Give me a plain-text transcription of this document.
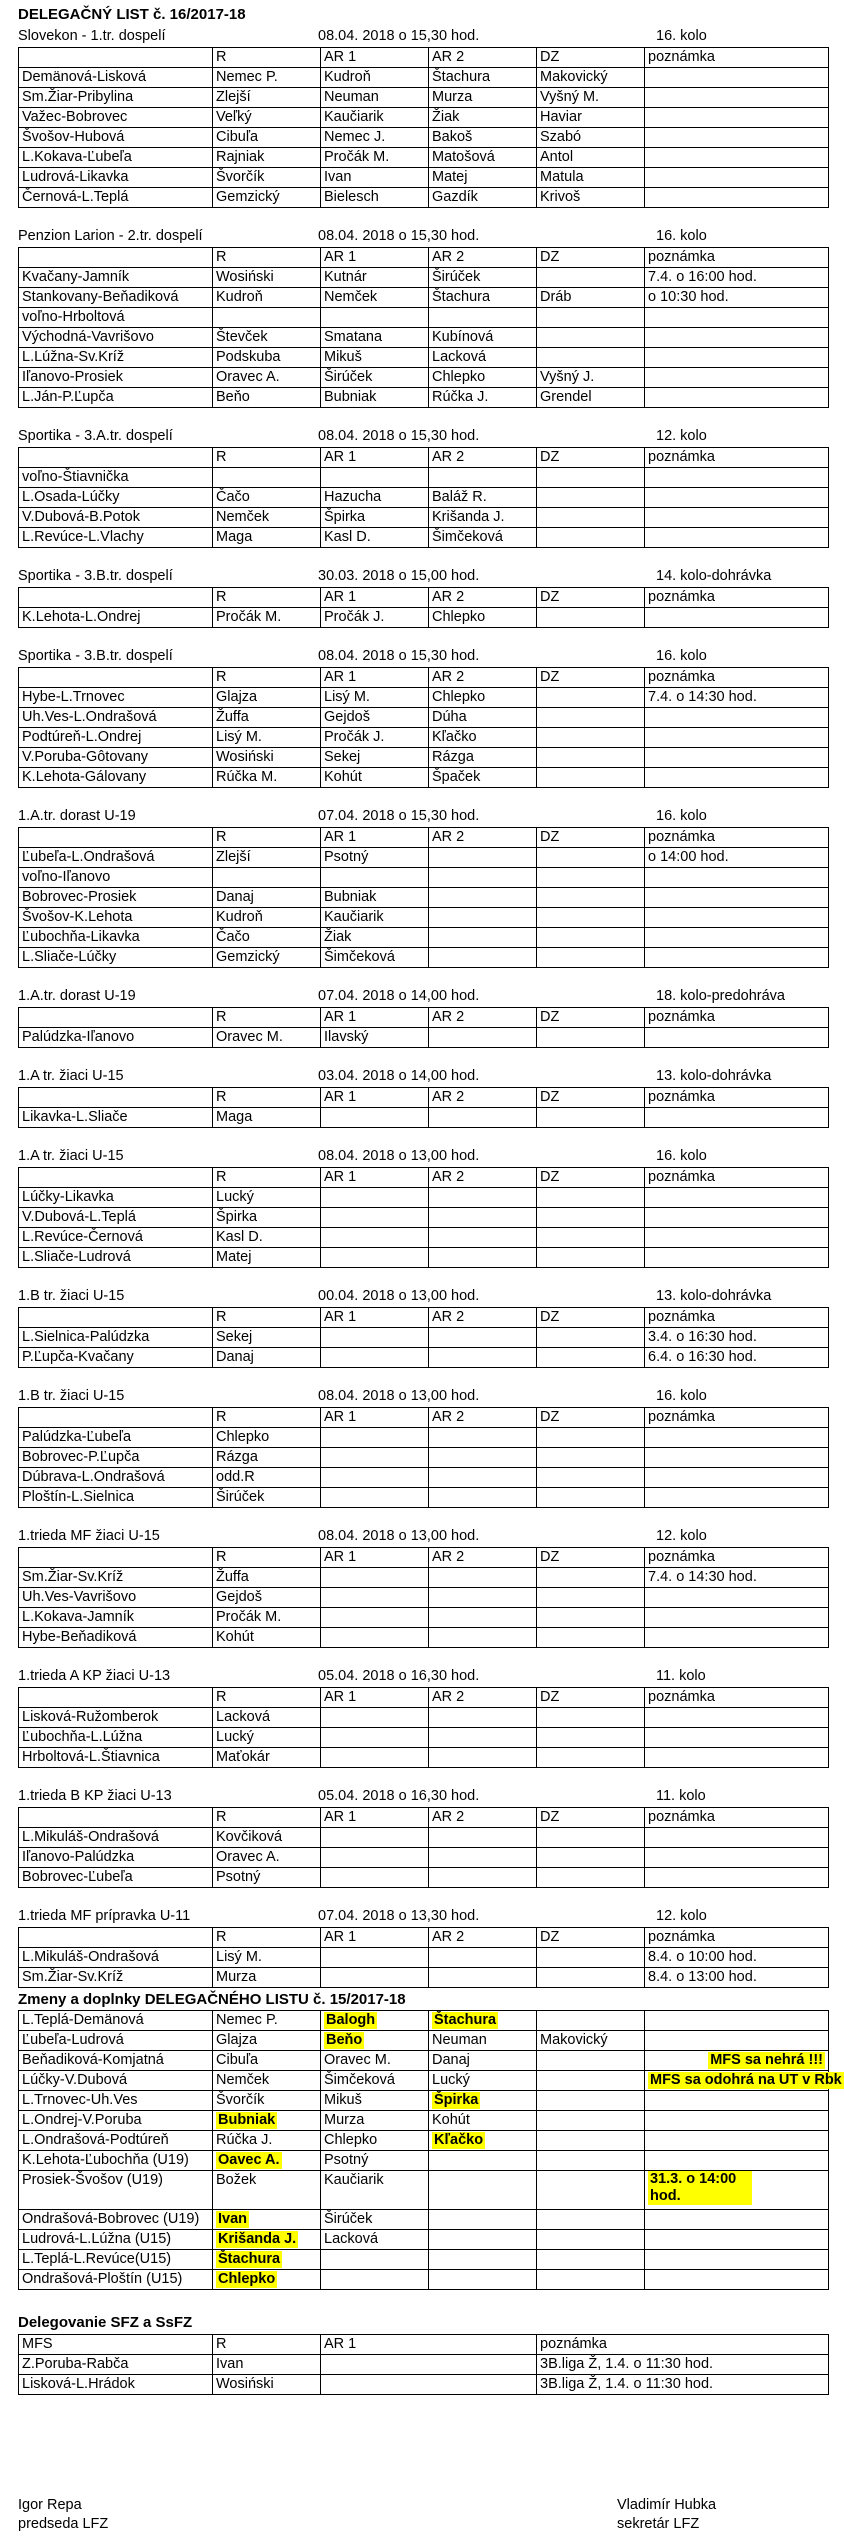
DELEGAČNÝ LIST č. 16/2017-18
Slovekon - 1.tr. dospelí	08.04. 2018 o 15,30 hod.	16. kolo
	R	AR 1	AR 2	DZ	poznámka
Demänová-Lisková	Nemec P.	Kudroň	Štachura	Makovický	
Sm.Žiar-Pribylina	Zlejší	Neuman	Murza	Vyšný M.	
Važec-Bobrovec	Veľký	Kaučiarik	Žiak	Haviar	
Švošov-Hubová	Cibuľa	Nemec J.	Bakoš	Szabó	
L.Kokava-Ľubeľa	Rajniak	Pročák M.	Matošová	Antol	
Ludrová-Likavka	Švorčík	Ivan	Matej	Matula	
Černová-L.Teplá	Gemzický	Bielesch	Gazdík	Krivoš	
Penzion Larion - 2.tr. dospelí	08.04. 2018 o 15,30 hod.	16. kolo
	R	AR 1	AR 2	DZ	poznámka
Kvačany-Jamník	Wosiński	Kutnár	Širúček		7.4. o 16:00 hod.
Stankovany-Beňadiková	Kudroň	Nemček	Štachura	Dráb	o 10:30 hod.
voľno-Hrboltová					
Východná-Vavrišovo	Števček	Smatana	Kubínová		
L.Lúžna-Sv.Kríž	Podskuba	Mikuš	Lacková		
Iľanovo-Prosiek	Oravec A.	Širúček	Chlepko	Vyšný J.	
L.Ján-P.Ľupča	Beňo	Bubniak	Rúčka J.	Grendel	
Sportika - 3.A.tr. dospelí	08.04. 2018 o 15,30 hod.	12. kolo
	R	AR 1	AR 2	DZ	poznámka
voľno-Štiavnička					
L.Osada-Lúčky	Čačo	Hazucha	Baláž R.		
V.Dubová-B.Potok	Nemček	Špirka	Krišanda J.		
L.Revúce-L.Vlachy	Maga	Kasl D.	Šimčeková		
Sportika - 3.B.tr. dospelí	30.03. 2018 o 15,00 hod.	14. kolo-dohrávka
	R	AR 1	AR 2	DZ	poznámka
K.Lehota-L.Ondrej	Pročák M.	Pročák J.	Chlepko		
Sportika - 3.B.tr. dospelí	08.04. 2018 o 15,30 hod.	16. kolo
	R	AR 1	AR 2	DZ	poznámka
Hybe-L.Trnovec	Glajza	Lisý M.	Chlepko		7.4. o 14:30 hod.
Uh.Ves-L.Ondrašová	Žuffa	Gejdoš	Dúha		
Podtúreň-L.Ondrej	Lisý M.	Pročák J.	Kľačko		
V.Poruba-Gôtovany	Wosiński	Sekej	Rázga		
K.Lehota-Gálovany	Rúčka M.	Kohút	Špaček		
1.A.tr. dorast U-19	07.04. 2018 o 15,30 hod.	16. kolo
	R	AR 1	AR 2	DZ	poznámka
Ľubeľa-L.Ondrašová	Zlejší	Psotný			o 14:00 hod.
voľno-Iľanovo					
Bobrovec-Prosiek	Danaj	Bubniak			
Švošov-K.Lehota	Kudroň	Kaučiarik			
Ľubochňa-Likavka	Čačo	Žiak			
L.Sliače-Lúčky	Gemzický	Šimčeková			
1.A.tr. dorast U-19	07.04. 2018 o 14,00 hod.	18. kolo-predohráva
	R	AR 1	AR 2	DZ	poznámka
Palúdzka-Iľanovo	Oravec M.	Ilavský			
1.A tr. žiaci U-15	03.04. 2018 o 14,00 hod.	13. kolo-dohrávka
	R	AR 1	AR 2	DZ	poznámka
Likavka-L.Sliače	Maga				
1.A tr. žiaci U-15	08.04. 2018 o 13,00 hod.	16. kolo
	R	AR 1	AR 2	DZ	poznámka
Lúčky-Likavka	Lucký				
V.Dubová-L.Teplá	Špirka				
L.Revúce-Černová	Kasl D.				
L.Sliače-Ludrová	Matej				
1.B tr. žiaci U-15	00.04. 2018 o 13,00 hod.	13. kolo-dohrávka
	R	AR 1	AR 2	DZ	poznámka
L.Sielnica-Palúdzka	Sekej				3.4. o 16:30 hod.
P.Ľupča-Kvačany	Danaj				6.4. o 16:30 hod.
1.B tr. žiaci U-15	08.04. 2018 o 13,00 hod.	16. kolo
	R	AR 1	AR 2	DZ	poznámka
Palúdzka-Ľubeľa	Chlepko				
Bobrovec-P.Ľupča	Rázga				
Dúbrava-L.Ondrašová	odd.R				
Ploštín-L.Sielnica	Širúček				
1.trieda MF žiaci U-15	08.04. 2018 o 13,00 hod.	12. kolo
	R	AR 1	AR 2	DZ	poznámka
Sm.Žiar-Sv.Kríž	Žuffa				7.4. o 14:30 hod.
Uh.Ves-Vavrišovo	Gejdoš				
L.Kokava-Jamník	Pročák M.				
Hybe-Beňadiková	Kohút				
1.trieda A KP žiaci U-13	05.04. 2018 o 16,30 hod.	11. kolo
	R	AR 1	AR 2	DZ	poznámka
Lisková-Ružomberok	Lacková				
Ľubochňa-L.Lúžna	Lucký				
Hrboltová-L.Štiavnica	Maťokár				
1.trieda B KP žiaci U-13	05.04. 2018 o 16,30 hod.	11. kolo
	R	AR 1	AR 2	DZ	poznámka
L.Mikuláš-Ondrašová	Kovčiková				
Iľanovo-Palúdzka	Oravec A.				
Bobrovec-Ľubeľa	Psotný				
1.trieda MF prípravka U-11	07.04. 2018 o 13,30 hod.	12. kolo
	R	AR 1	AR 2	DZ	poznámka
L.Mikuláš-Ondrašová	Lisý M.				8.4. o 10:00 hod.
Sm.Žiar-Sv.Kríž	Murza				8.4. o 13:00 hod.
Zmeny a doplnky DELEGAČNÉHO LISTU č. 15/2017-18
L.Teplá-Demänová	Nemec P.	Balogh	Štachura		
Ľubeľa-Ludrová	Glajza	Beňo	Neuman	Makovický	
Beňadiková-Komjatná	Cibuľa	Oravec M.	Danaj		MFS sa nehrá !!!
Lúčky-V.Dubová	Nemček	Šimčeková	Lucký		MFS sa odohrá na UT v Rbk
L.Trnovec-Uh.Ves	Švorčík	Mikuš	Špirka		
L.Ondrej-V.Poruba	Bubniak	Murza	Kohút		
L.Ondrašová-Podtúreň	Rúčka J.	Chlepko	Kľačko		
K.Lehota-Ľubochňa (U19)	Oavec A.	Psotný			
Prosiek-Švošov (U19)	Božek	Kaučiarik			31.3. o 14:00 hod.
Ondrašová-Bobrovec (U19)	Ivan	Širúček			
Ludrová-L.Lúžna (U15)	Krišanda J.	Lacková			
L.Teplá-L.Revúce(U15)	Štachura				
Ondrašová-Ploštín (U15)	Chlepko				
Delegovanie SFZ a SsFZ
MFS	R	AR 1	poznámka
Z.Poruba-Rabča	Ivan		3B.liga Ž, 1.4. o 11:30 hod.
Lisková-L.Hrádok	Wosiński		3B.liga Ž, 1.4. o 11:30 hod.
Igor Repa
predseda LFZ
Vladimír Hubka
sekretár LFZ
